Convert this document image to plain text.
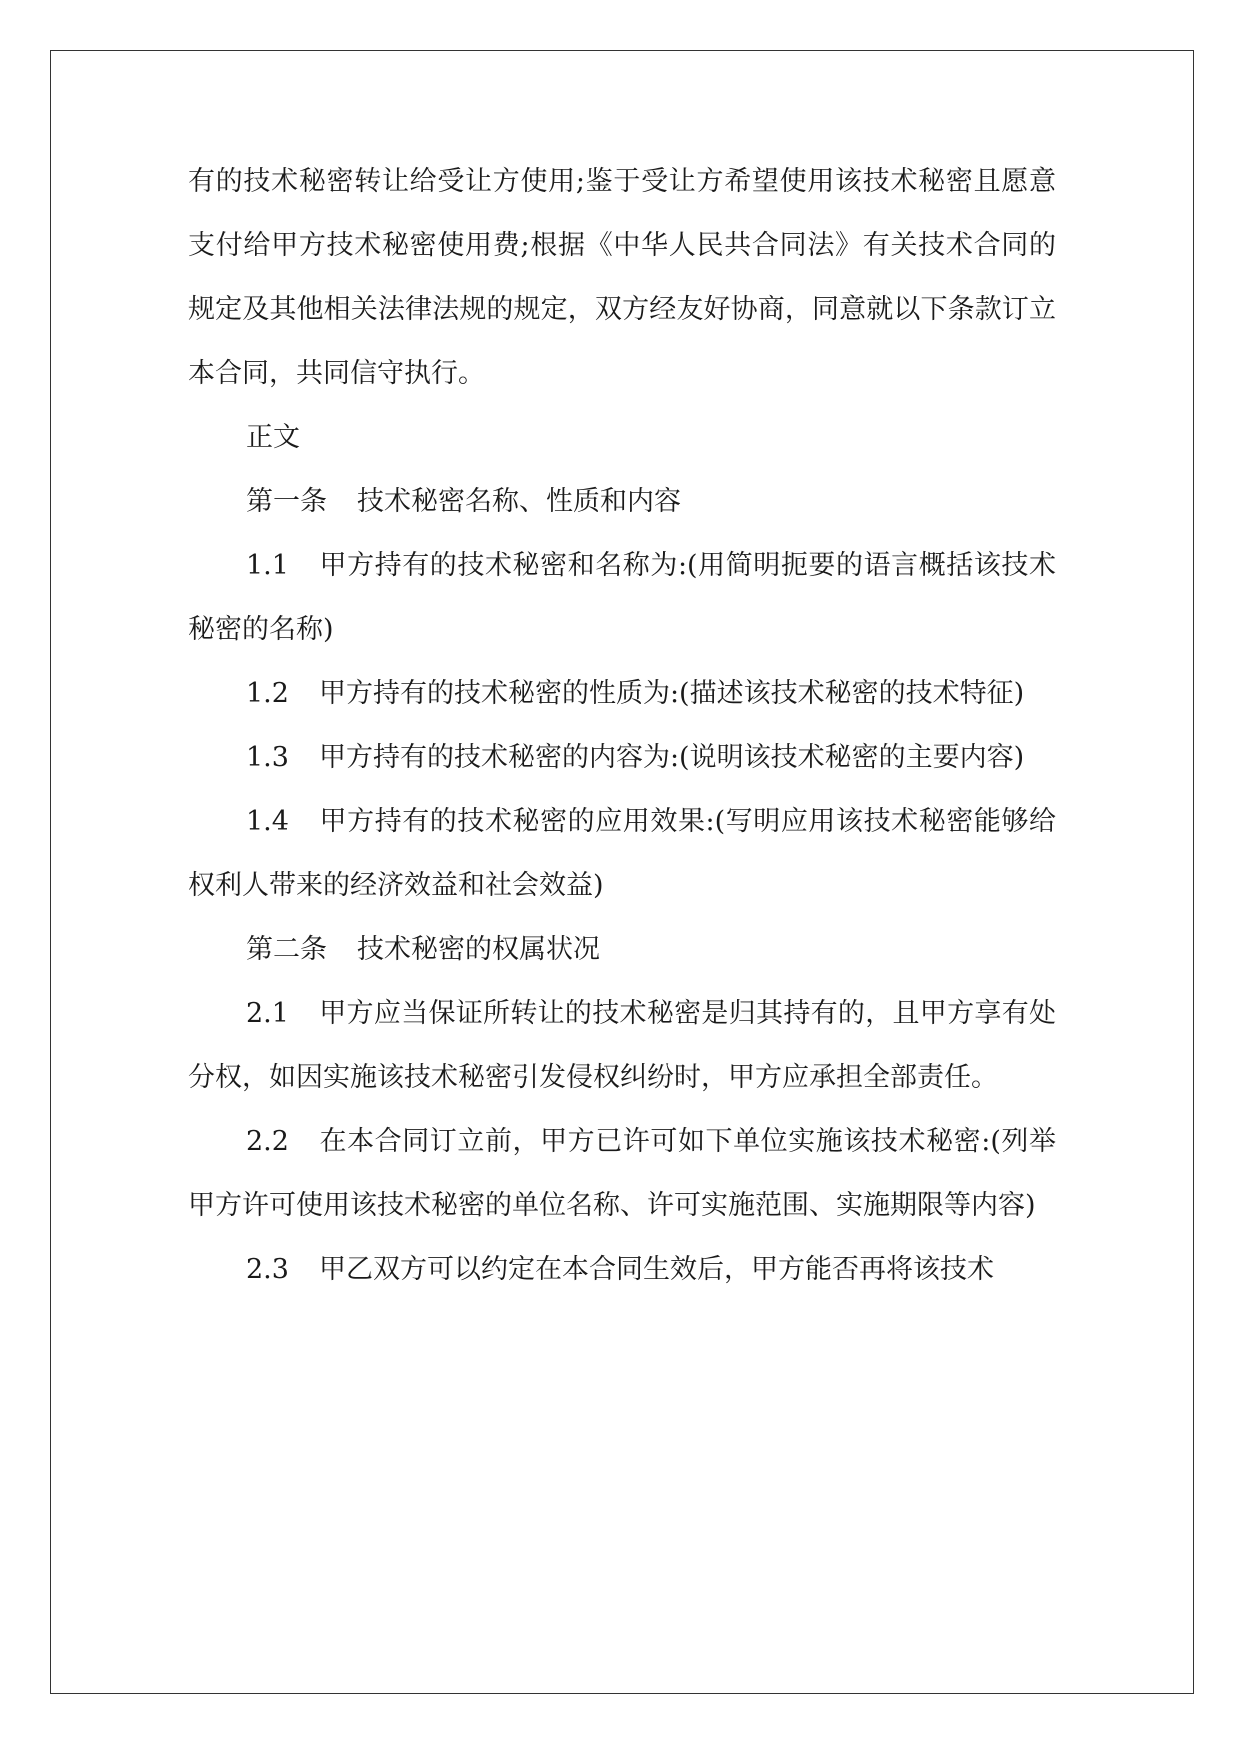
有的技术秘密转让给受让方使用;鉴于受让方希望使用该技术秘密且愿意支付给甲方技术秘密使用费;根据《中华人民共合同法》有关技术合同的规定及其他相关法律法规的规定，双方经友好协商，同意就以下条款订立本合同，共同信守执行。

正文

第一条 技术秘密名称、性质和内容

1.1 甲方持有的技术秘密和名称为:(用简明扼要的语言概括该技术秘密的名称)

1.2 甲方持有的技术秘密的性质为:(描述该技术秘密的技术特征)

1.3 甲方持有的技术秘密的内容为:(说明该技术秘密的主要内容)

1.4 甲方持有的技术秘密的应用效果:(写明应用该技术秘密能够给权利人带来的经济效益和社会效益)

第二条 技术秘密的权属状况

2.1 甲方应当保证所转让的技术秘密是归其持有的，且甲方享有处分权，如因实施该技术秘密引发侵权纠纷时，甲方应承担全部责任。

2.2 在本合同订立前，甲方已许可如下单位实施该技术秘密:(列举甲方许可使用该技术秘密的单位名称、许可实施范围、实施期限等内容)

2.3 甲乙双方可以约定在本合同生效后，甲方能否再将该技术
